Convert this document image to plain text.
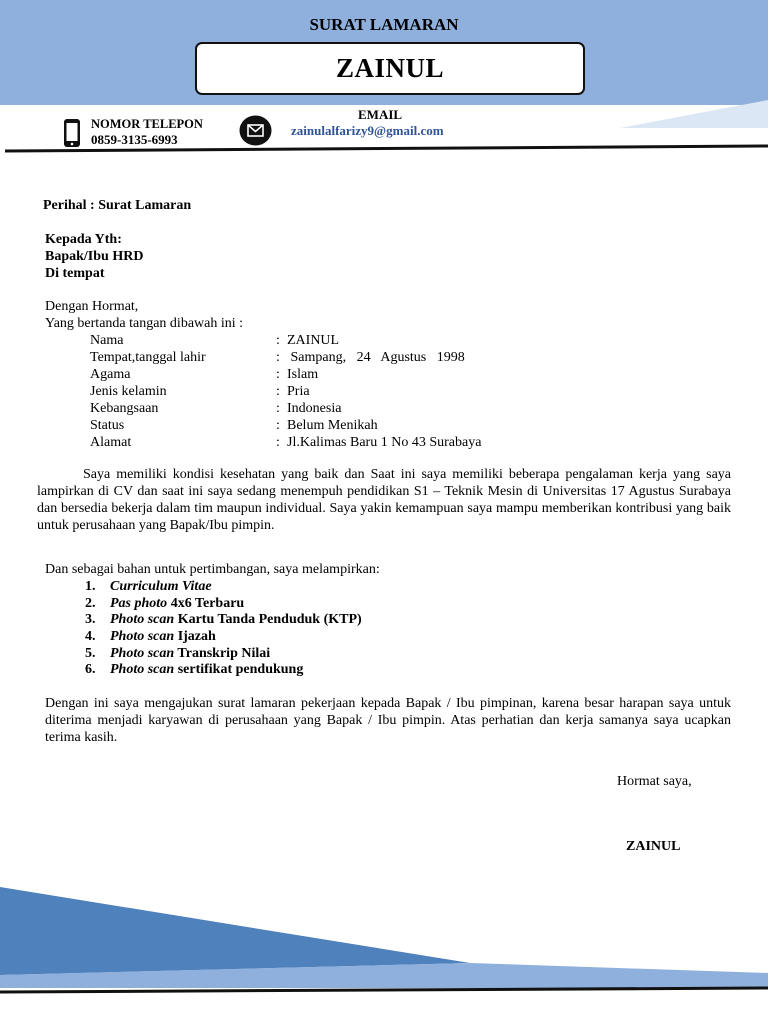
SURAT LAMARAN
ZAINUL
NOMOR TELEPON
0859-3135-6993
EMAIL
zainulalfarizy9@gmail.com
Perihal : Surat Lamaran
Kepada Yth:
Bapak/Ibu HRD
Di tempat
Dengan Hormat,
Yang bertanda tangan dibawah ini :
Nama	: ZAINUL
Tempat,tanggal lahir	: Sampang,   24   Agustus   1998
Agama	: Islam
Jenis kelamin	: Pria
Kebangsaan	: Indonesia
Status	: Belum Menikah
Alamat	: Jl.Kalimas Baru 1 No 43 Surabaya
Saya memiliki kondisi kesehatan yang baik dan Saat ini saya memiliki beberapa pengalaman kerja yang saya lampirkan di CV dan saat ini saya sedang menempuh pendidikan S1 – Teknik Mesin di Universitas 17 Agustus Surabaya dan bersedia bekerja dalam tim maupun individual. Saya yakin kemampuan saya mampu memberikan kontribusi yang baik untuk perusahaan yang Bapak/Ibu pimpin.
Dan sebagai bahan untuk pertimbangan, saya melampirkan:
1. Curriculum Vitae
2. Pas photo 4x6 Terbaru
3. Photo scan Kartu Tanda Penduduk (KTP)
4. Photo scan Ijazah
5. Photo scan Transkrip Nilai
6. Photo scan sertifikat pendukung
Dengan ini saya mengajukan surat lamaran pekerjaan kepada Bapak / Ibu pimpinan, karena besar harapan saya untuk diterima menjadi karyawan di perusahaan yang Bapak / Ibu pimpin. Atas perhatian dan kerja samanya saya ucapkan terima kasih.
Hormat saya,
ZAINUL
